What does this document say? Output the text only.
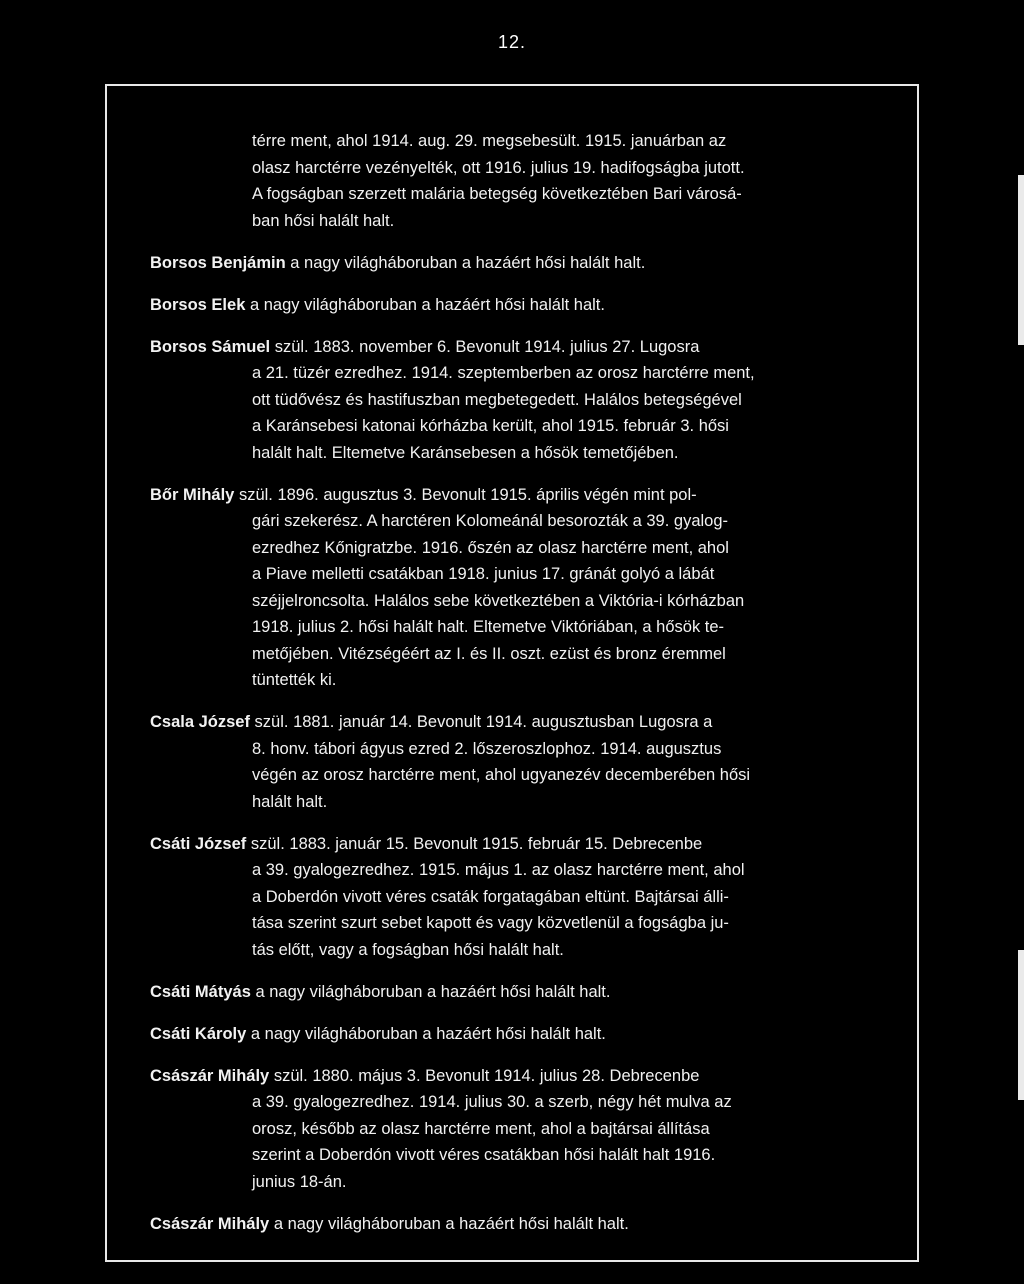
12.
térre ment, ahol 1914. aug. 29. megsebesült. 1915. januárban az
olasz harctérre vezényelték, ott 1916. julius 19. hadifogságba jutott.
A fogságban szerzett malária betegség következtében Bari városá-
ban hősi halált halt.
Borsos Benjámin a nagy világháboruban a hazáért hősi halált halt.
Borsos Elek a nagy világháboruban a hazáért hősi halált halt.
Borsos Sámuel szül. 1883. november 6. Bevonult 1914. julius 27. Lugosra
a 21. tüzér ezredhez. 1914. szeptemberben az orosz harctérre ment,
ott tüdővész és hastifuszban megbetegedett. Halálos betegségével
a Karánsebesi katonai kórházba került, ahol 1915. február 3. hősi
halált halt. Eltemetve Karánsebesen a hősök temetőjében.
Bőr Mihály szül. 1896. augusztus 3. Bevonult 1915. április végén mint pol-
gári szekerész. A harctéren Kolomeánál besorozták a 39. gyalog-
ezredhez Kőnigratzbe. 1916. őszén az olasz harctérre ment, ahol
a Piave melletti csatákban 1918. junius 17. gránát golyó a lábát
széjjelroncsolta. Halálos sebe következtében a Viktória-i kórházban
1918. julius 2. hősi halált halt. Eltemetve Viktóriában, a hősök te-
metőjében. Vitézségéért az I. és II. oszt. ezüst és bronz éremmel
tüntették ki.
Csala József szül. 1881. január 14. Bevonult 1914. augusztusban Lugosra a
8. honv. tábori ágyus ezred 2. lőszeroszlophoz. 1914. augusztus
végén az orosz harctérre ment, ahol ugyanezév decemberében hősi
halált halt.
Csáti József szül. 1883. január 15. Bevonult 1915. február 15. Debrecenbe
a 39. gyalogezredhez. 1915. május 1. az olasz harctérre ment, ahol
a Doberdón vivott véres csaták forgatagában eltünt. Bajtársai álli-
tása szerint szurt sebet kapott és vagy közvetlenül a fogságba ju-
tás előtt, vagy a fogságban hősi halált halt.
Csáti Mátyás a nagy világháboruban a hazáért hősi halált halt.
Csáti Károly a nagy világháboruban a hazáért hősi halált halt.
Császár Mihály szül. 1880. május 3. Bevonult 1914. julius 28. Debrecenbe
a 39. gyalogezredhez. 1914. julius 30. a szerb, négy hét mulva az
orosz, később az olasz harctérre ment, ahol a bajtársai állítása
szerint a Doberdón vivott véres csatákban hősi halált halt 1916.
junius 18-án.
Császár Mihály a nagy világháboruban a hazáért hősi halált halt.
